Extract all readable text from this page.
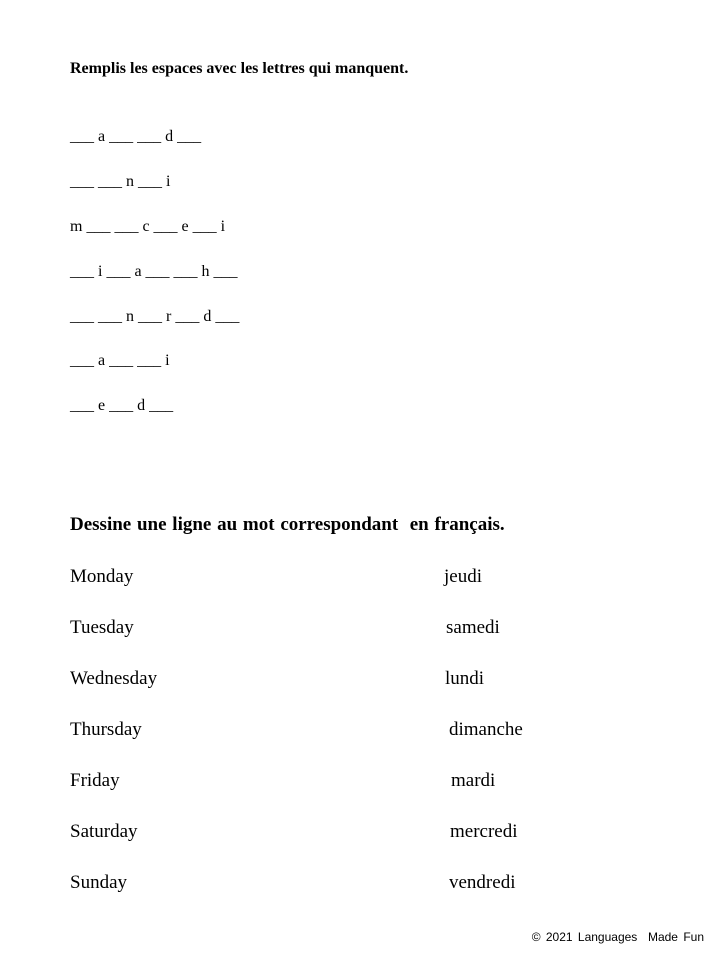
Remplis les espaces avec les lettres qui manquent.
___ a ___ ___ d ___
___ ___ n ___ i
m ___ ___ c ___ e ___ i
___ i ___ a ___ ___ h ___
___ ___ n ___ r ___ d ___
___ a ___ ___ i
___ e ___ d ___
Dessine une ligne au mot correspondant  en français.
Monday
Tuesday
Wednesday
Thursday
Friday
Saturday
Sunday
jeudi
samedi
lundi
dimanche
mardi
mercredi
vendredi
© 2021 Languages  Made Fun
